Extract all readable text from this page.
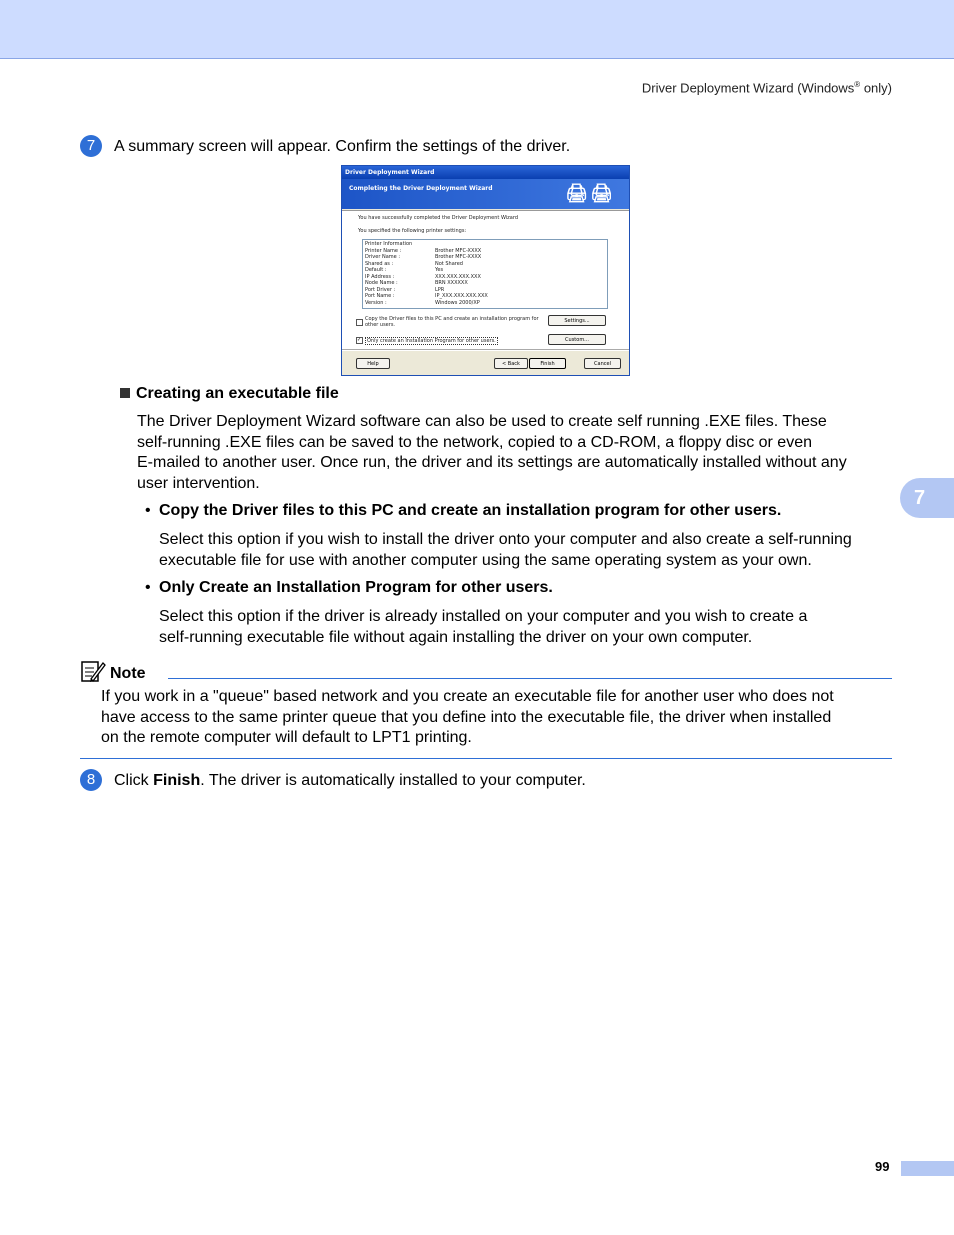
Driver Deployment Wizard (Windows® only)
7
7	A summary screen will appear. Confirm the settings of the driver.
Driver Deployment Wizard
Completing the Driver Deployment Wizard	🖨🖨
You have successfully completed the Driver Deployment Wizard
You specified the following printer settings:
Printer Information
Printer Name :	Brother MFC-XXXX
Driver Name :	Brother MFC-XXXX
Shared as :	Not Shared
Default :	Yes
IP Address :	XXX.XXX.XXX.XXX
Node Name :	BRN XXXXXX
Port Driver :	LPR
Port Name :	IP_XXX.XXX.XXX.XXX
Version :	Windows 2000/XP
Copy the Driver files to this PC and create an installation program for other users.
Settings...
✓	Only create an Installation Program for other users.	Custom...
Help	< Back	Finish	Cancel
Creating an executable file
The Driver Deployment Wizard software can also be used to create self running .EXE files. These
self-running .EXE files can be saved to the network, copied to a CD-ROM, a floppy disc or even
E-mailed to another user. Once run, the driver and its settings are automatically installed without any
user intervention.
• Copy the Driver files to this PC and create an installation program for other users.
Select this option if you wish to install the driver onto your computer and also create a self-running
executable file for use with another computer using the same operating system as your own.
• Only Create an Installation Program for other users.
Select this option if the driver is already installed on your computer and you wish to create a
self-running executable file without again installing the driver on your own computer.
Note
If you work in a "queue" based network and you create an executable file for another user who does not
have access to the same printer queue that you define into the executable file, the driver when installed
on the remote computer will default to LPT1 printing.
8	Click Finish. The driver is automatically installed to your computer.
99
